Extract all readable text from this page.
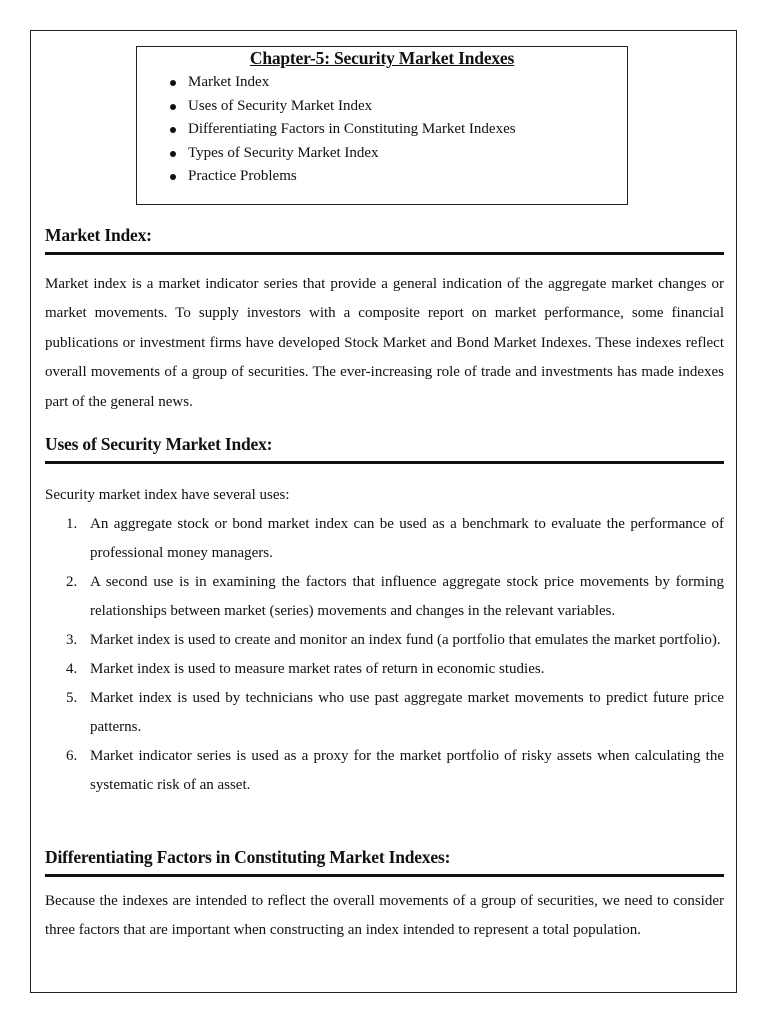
Chapter-5: Security Market Indexes
Market Index
Uses of Security Market Index
Differentiating Factors in Constituting Market Indexes
Types of Security Market Index
Practice Problems
Market Index:

Market index is a market indicator series that provide a general indication of the aggregate market changes or market movements. To supply investors with a composite report on market performance, some financial publications or investment firms have developed Stock Market and Bond Market Indexes. These indexes reflect overall movements of a group of securities. The ever-increasing role of trade and investments has made indexes part of the general news.

Uses of Security Market Index:
Security market index have several uses:
1. An aggregate stock or bond market index can be used as a benchmark to evaluate the performance of professional money managers.
2. A second use is in examining the factors that influence aggregate stock price movements by forming relationships between market (series) movements and changes in the relevant variables.
3. Market index is used to create and monitor an index fund (a portfolio that emulates the market portfolio).
4. Market index is used to measure market rates of return in economic studies.
5. Market index is used by technicians who use past aggregate market movements to predict future price patterns.
6. Market indicator series is used as a proxy for the market portfolio of risky assets when calculating the systematic risk of an asset.
Differentiating Factors in Constituting Market Indexes:

Because the indexes are intended to reflect the overall movements of a group of securities, we need to consider three factors that are important when constructing an index intended to represent a total population.
